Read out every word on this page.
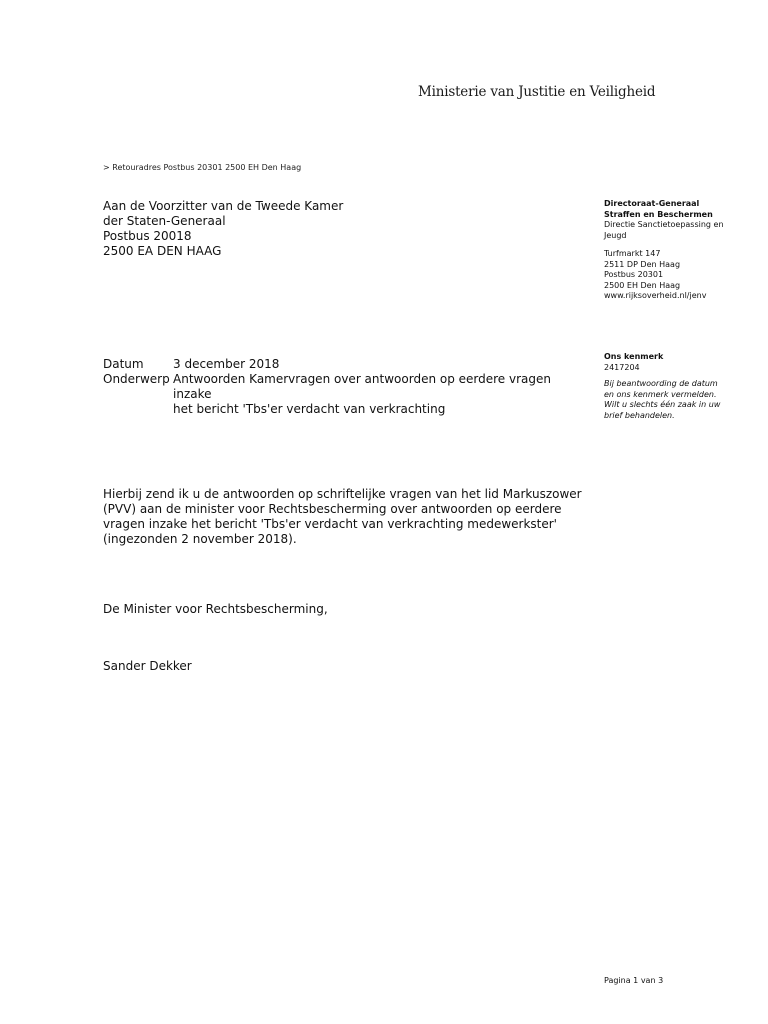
Ministerie van Justitie en Veiligheid
> Retouradres Postbus 20301 2500 EH Den Haag
Aan de Voorzitter van de Tweede Kamer
der Staten-Generaal
Postbus 20018
2500 EA DEN HAAG
Directoraat-Generaal
Straffen en Beschermen
Directie Sanctietoepassing en
Jeugd
Turfmarkt 147
2511 DP Den Haag
Postbus 20301
2500 EH Den Haag
www.rijksoverheid.nl/jenv
Ons kenmerk
2417204
Bij beantwoording de datum
en ons kenmerk vermelden.
Wilt u slechts één zaak in uw
brief behandelen.
Datum	3 december 2018
Onderwerp Antwoorden Kamervragen over antwoorden op eerdere vragen inzake
het bericht 'Tbs'er verdacht van verkrachting
Hierbij zend ik u de antwoorden op schriftelijke vragen van het lid Markuszower
(PVV) aan de minister voor Rechtsbescherming over antwoorden op eerdere
vragen inzake het bericht 'Tbs'er verdacht van verkrachting medewerkster'
(ingezonden 2 november 2018).
De Minister voor Rechtsbescherming,
Sander Dekker
Pagina 1 van 3
